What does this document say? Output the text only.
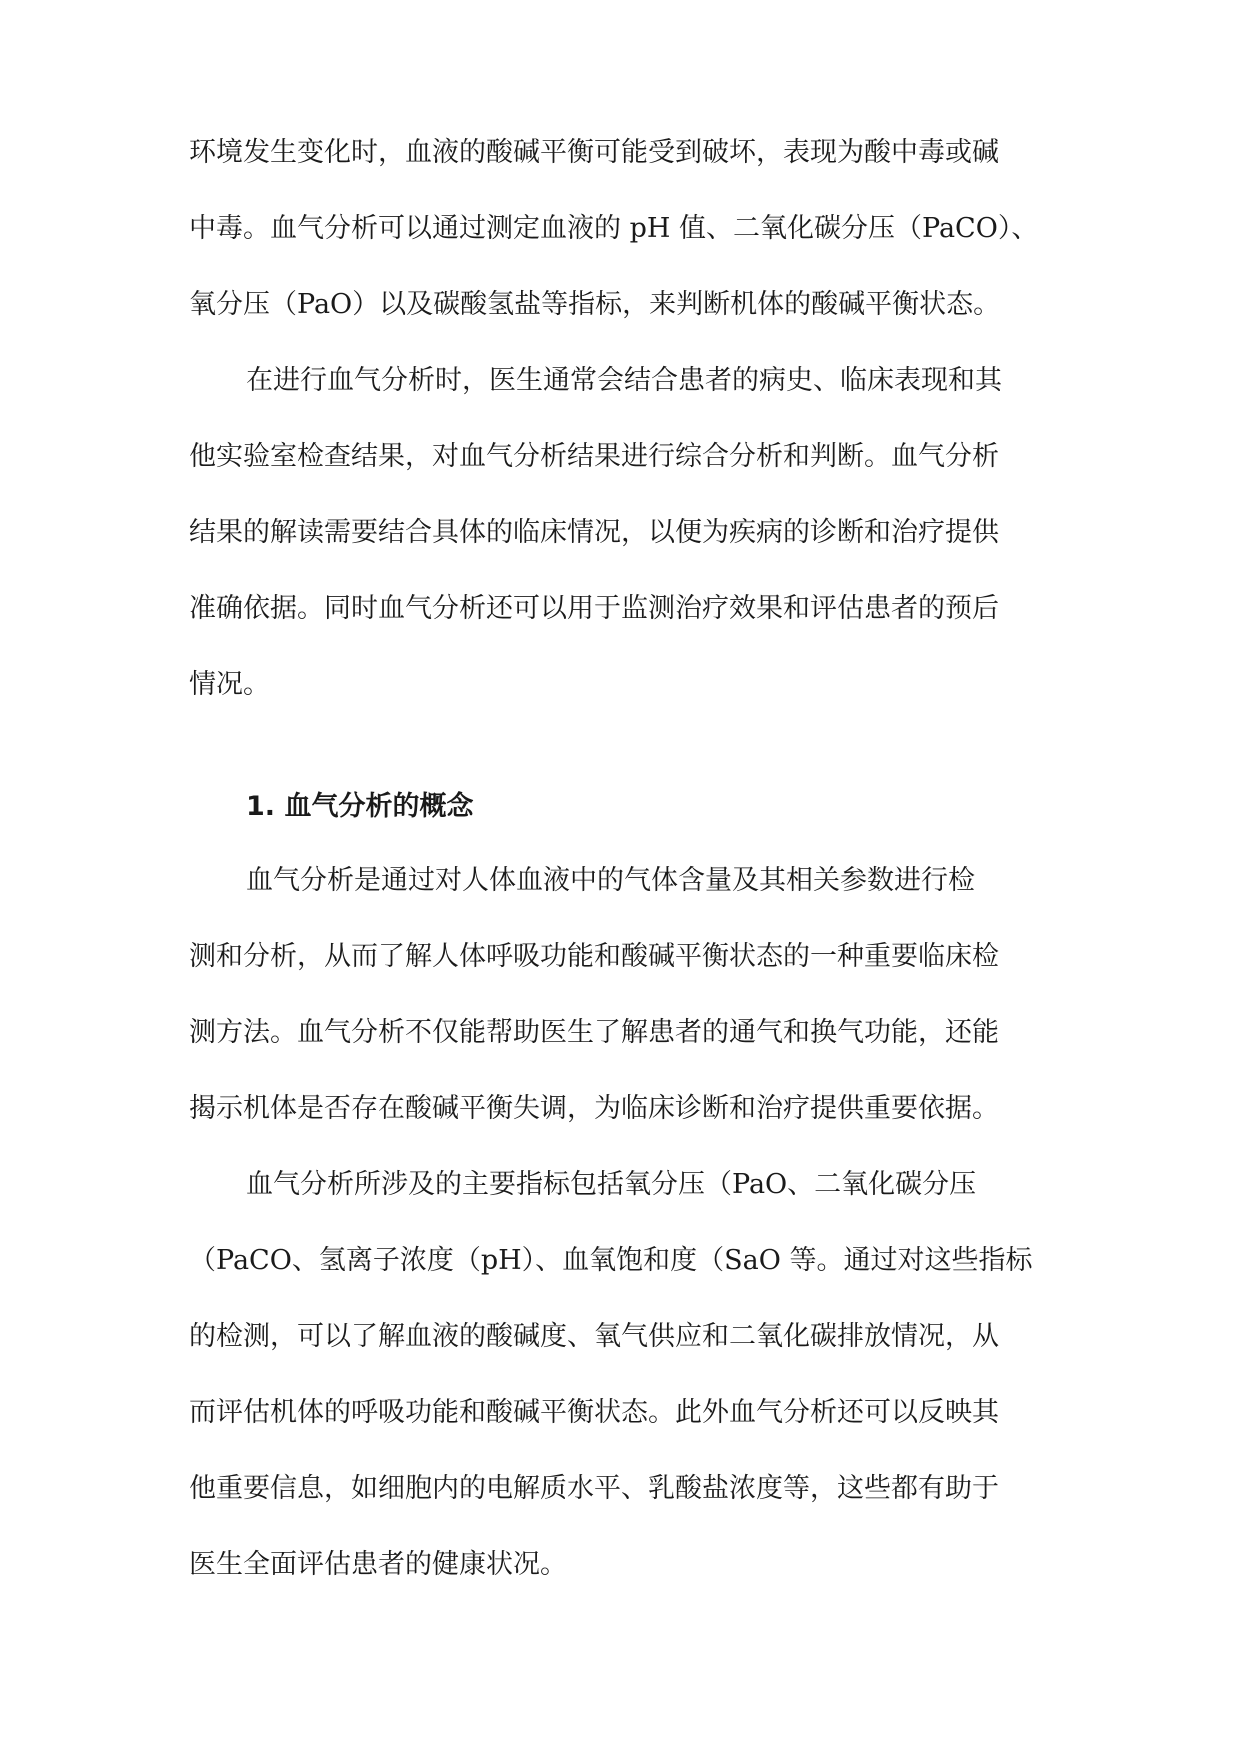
环境发生变化时，血液的酸碱平衡可能受到破坏，表现为酸中毒或碱
中毒。血气分析可以通过测定血液的 pH 值、二氧化碳分压（PaCO）、
氧分压（PaO）以及碳酸氢盐等指标，来判断机体的酸碱平衡状态。
在进行血气分析时，医生通常会结合患者的病史、临床表现和其
他实验室检查结果，对血气分析结果进行综合分析和判断。血气分析
结果的解读需要结合具体的临床情况，以便为疾病的诊断和治疗提供
准确依据。同时血气分析还可以用于监测治疗效果和评估患者的预后
情况。
1. 血气分析的概念
血气分析是通过对人体血液中的气体含量及其相关参数进行检
测和分析，从而了解人体呼吸功能和酸碱平衡状态的一种重要临床检
测方法。血气分析不仅能帮助医生了解患者的通气和换气功能，还能
揭示机体是否存在酸碱平衡失调，为临床诊断和治疗提供重要依据。
血气分析所涉及的主要指标包括氧分压（PaO、二氧化碳分压
（PaCO、氢离子浓度（pH）、血氧饱和度（SaO 等。通过对这些指标
的检测，可以了解血液的酸碱度、氧气供应和二氧化碳排放情况，从
而评估机体的呼吸功能和酸碱平衡状态。此外血气分析还可以反映其
他重要信息，如细胞内的电解质水平、乳酸盐浓度等，这些都有助于
医生全面评估患者的健康状况。
